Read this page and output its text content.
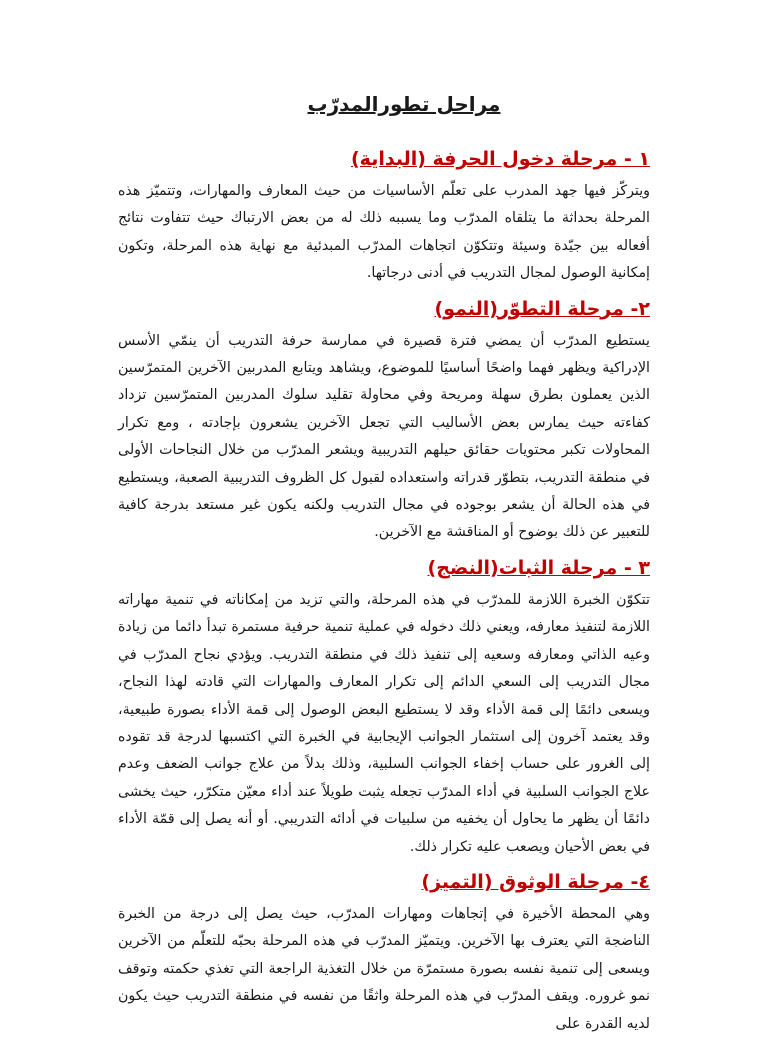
مراحل تطورالمدرّب
١ - مرحلة دخول الحرفة (البداية)

ويتركّز فيها جهد المدرب على تعلّم الأساسيات من حيث المعارف والمهارات، وتتميّز هذه المرحلة بحداثة ما يتلقاه المدرّب وما يسببه ذلك له من بعض الارتباك حيث تتفاوت نتائج أفعاله بين جيّدة وسيئة وتتكوّن اتجاهات المدرّب المبدئية مع نهاية هذه المرحلة، وتكون إمكانية الوصول لمجال التدريب في أدنى درجاتها.

٢- مرحلة التطوّر(النمو)

يستطيع المدرّب أن يمضي فترة قصيرة في ممارسة حرفة التدريب أن ينمّي الأسس الإدراكية ويظهر فهما واضحًا أساسيًا للموضوع، ويشاهد ويتابع المدربين الآخرين المتمرّسين الذين يعملون بطرق سهلة ومريحة وفي محاولة تقليد سلوك المدربين المتمرّسين تزداد كفاءته حيث يمارس بعض الأساليب التي تجعل الآخرين يشعرون بإجادته ، ومع تكرار المحاولات تكبر محتويات حقائق حيلهم التدريبية ويشعر المدرّب من خلال النجاحات الأولى في منطقة التدريب، بتطوّر قدراته واستعداده لقبول كل الظروف التدريبية الصعبة، ويستطيع في هذه الحالة أن يشعر بوجوده في مجال التدريب ولكنه يكون غير مستعد بدرجة كافية للتعبير عن ذلك بوضوح أو المناقشة مع الآخرين.

٣ - مرحلة الثبات(النضج)

تتكوّن الخبرة اللازمة للمدرّب في هذه المرحلة، والتي تزيد من إمكاناته في تنمية مهاراته اللازمة لتنفيذ معارفه، ويعني ذلك دخوله في عملية تنمية حرفية مستمرة تبدأ دائما من زيادة وعيه الذاتي ومعارفه وسعيه إلى تنفيذ ذلك في منطقة التدريب. ويؤدي نجاح المدرّب في مجال التدريب إلى السعي الدائم إلى تكرار المعارف والمهارات التي قادته لهذا النجاح، ويسعى دائمًا إلى قمة الأداء وقد لا يستطيع البعض الوصول إلى قمة الأداء بصورة طبيعية، وقد يعتمد آخرون إلى استثمار الجوانب الإيجابية في الخبرة التي اكتسبها لدرجة قد تقوده إلى الغرور على حساب إخفاء الجوانب السلبية، وذلك بدلاً من علاج جوانب الضعف وعدم علاج الجوانب السلبية في أداء المدرّب تجعله يثبت طويلاً عند أداء معيّن متكرّر، حيث يخشى دائمًا أن يظهر ما يحاول أن يخفيه من سلبيات في أدائه التدريبي. أو أنه يصل إلى قمّة الأداء في بعض الأحيان ويصعب عليه تكرار ذلك.

٤- مرحلة الوثوق (التميز)

وهي المحطة الأخيرة في إتجاهات ومهارات المدرّب، حيث يصل إلى درجة من الخبرة الناضجة التي يعترف بها الآخرين. ويتميّز المدرّب في هذه المرحلة بحبّه للتعلّم من الآخرين ويسعى إلى تنمية نفسه بصورة مستمرّة من خلال التغذية الراجعة التي تغذي حكمته وتوقف نمو غروره. ويقف المدرّب في هذه المرحلة واثقًا من نفسه في منطقة التدريب حيث يكون لديه القدرة على
